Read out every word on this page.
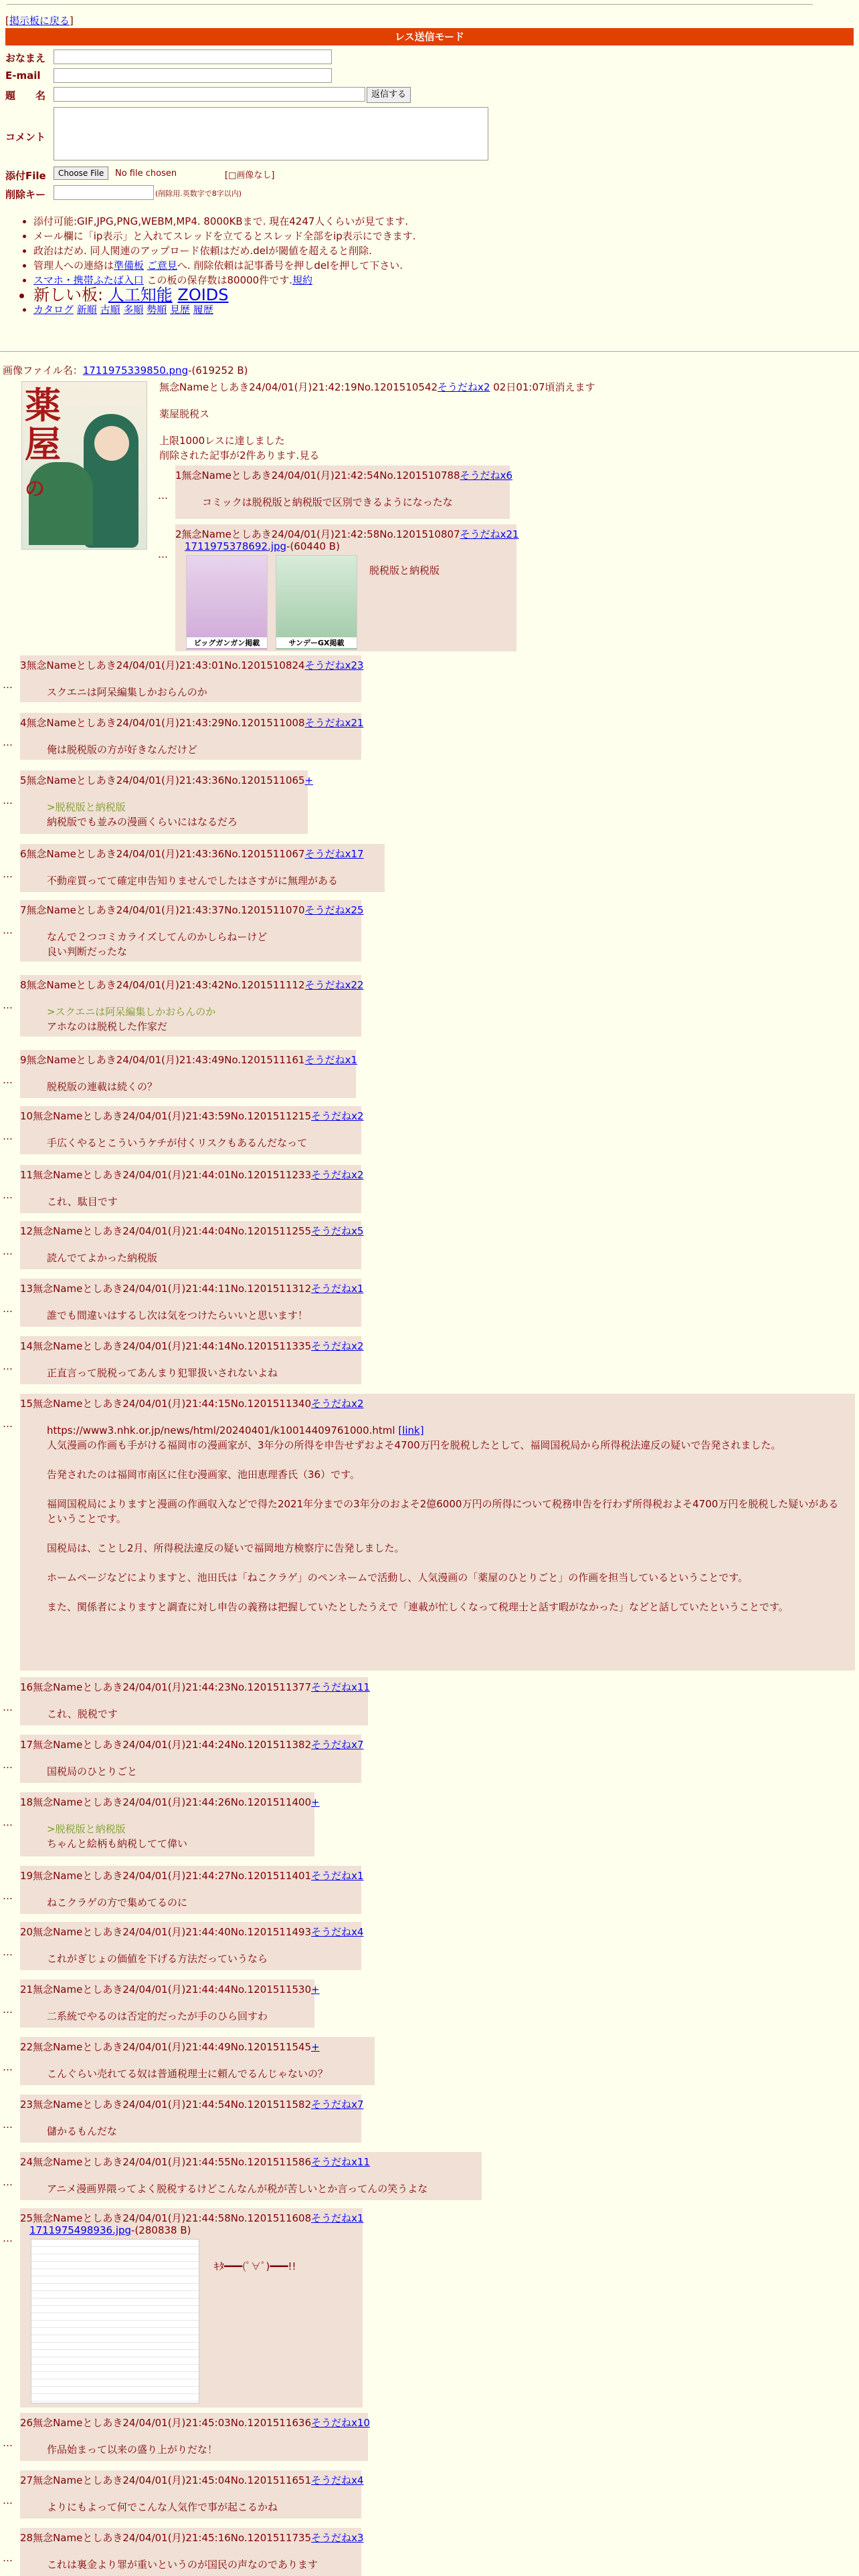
[掲示板に戻る]
レス送信モード
おなまえ
E-mail
題　　名	返信する
コメント
添付File	Choose File	No file chosen	[□画像なし]
削除キー	(削除用.英数字で8字以内)
• 添付可能:GIF,JPG,PNG,WEBM,MP4. 8000KBまで. 現在4247人くらいが見てます.
• メール欄に「ip表示」と入れてスレッドを立てるとスレッド全部をip表示にできます.
• 政治はだめ. 同人関連のアップロード依頼はだめ.delが閾値を超えると削除.
• 管理人への連絡は準備板 ご意見へ. 削除依頼は記事番号を押しdelを押して下さい.
• スマホ・携帯ふたば入口 この板の保存数は80000件です.規約
• 新しい板: 人工知能 ZOIDS
• カタログ 新順 古順 多順 勢順 見歴 履歴
画像ファイル名：1711975339850.png-(619252 B)
薬
屋
の
無念Nameとしあき24/04/01(月)21:42:19No.1201510542そうだねx2 02日01:07頃消えます
薬屋脱税ス
上限1000レスに達しました
削除された記事が2件あります.見る
…
1無念Nameとしあき24/04/01(月)21:42:54No.1201510788そうだねx6
コミックは脱税版と納税版で区別できるようになったな
…
2無念Nameとしあき24/04/01(月)21:42:58No.1201510807そうだねx21
1711975378692.jpg-(60440 B)
ビッグガンガン掲載	サンデーGX掲載
脱税版と納税版
…
3無念Nameとしあき24/04/01(月)21:43:01No.1201510824そうだねx23
スクエニは阿呆編集しかおらんのか
…
4無念Nameとしあき24/04/01(月)21:43:29No.1201511008そうだねx21
俺は脱税版の方が好きなんだけど
…
5無念Nameとしあき24/04/01(月)21:43:36No.1201511065+
>脱税版と納税版
納税版でも並みの漫画くらいにはなるだろ
…
6無念Nameとしあき24/04/01(月)21:43:36No.1201511067そうだねx17
不動産買ってて確定申告知りませんでしたはさすがに無理がある
…
7無念Nameとしあき24/04/01(月)21:43:37No.1201511070そうだねx25
なんで２つコミカライズしてんのかしらねーけど
良い判断だったな
…
8無念Nameとしあき24/04/01(月)21:43:42No.1201511112そうだねx22
>スクエニは阿呆編集しかおらんのか
アホなのは脱税した作家だ
…
9無念Nameとしあき24/04/01(月)21:43:49No.1201511161そうだねx1
脱税版の連載は続くの？
…
10無念Nameとしあき24/04/01(月)21:43:59No.1201511215そうだねx2
手広くやるとこういうケチが付くリスクもあるんだなって
…
11無念Nameとしあき24/04/01(月)21:44:01No.1201511233そうだねx2
これ、駄目です
…
12無念Nameとしあき24/04/01(月)21:44:04No.1201511255そうだねx5
読んでてよかった納税版
…
13無念Nameとしあき24/04/01(月)21:44:11No.1201511312そうだねx1
誰でも間違いはするし次は気をつけたらいいと思います！
…
14無念Nameとしあき24/04/01(月)21:44:14No.1201511335そうだねx2
正直言って脱税ってあんまり犯罪扱いされないよね
…
15無念Nameとしあき24/04/01(月)21:44:15No.1201511340そうだねx2
https://www3.nhk.or.jp/news/html/20240401/k10014409761000.html [link]
人気漫画の作画も手がける福岡市の漫画家が、3年分の所得を申告せずおよそ4700万円を脱税したとして、福岡国税局から所得税法違反の疑いで告発されました。

告発されたのは福岡市南区に住む漫画家、池田恵理香氏（36）です。

福岡国税局によりますと漫画の作画収入などで得た2021年分までの3年分のおよそ2億6000万円の所得について税務申告を行わず所得税およそ4700万円を脱税した疑いがあるということです。

国税局は、ことし2月、所得税法違反の疑いで福岡地方検察庁に告発しました。

ホームページなどによりますと、池田氏は「ねこクラゲ」のペンネームで活動し、人気漫画の「薬屋のひとりごと」の作画を担当しているということです。

また、関係者によりますと調査に対し申告の義務は把握していたとしたうえで「連載が忙しくなって税理士と話す暇がなかった」などと話していたということです。
…
16無念Nameとしあき24/04/01(月)21:44:23No.1201511377そうだねx11
これ、脱税です
…
17無念Nameとしあき24/04/01(月)21:44:24No.1201511382そうだねx7
国税局のひとりごと
…
18無念Nameとしあき24/04/01(月)21:44:26No.1201511400+
>脱税版と納税版
ちゃんと絵柄も納税してて偉い
…
19無念Nameとしあき24/04/01(月)21:44:27No.1201511401そうだねx1
ねこクラゲの方で集めてるのに
…
20無念Nameとしあき24/04/01(月)21:44:40No.1201511493そうだねx4
これがぎじょの価値を下げる方法だっていうなら
…
21無念Nameとしあき24/04/01(月)21:44:44No.1201511530+
二系統でやるのは否定的だったが手のひら回すわ
…
22無念Nameとしあき24/04/01(月)21:44:49No.1201511545+
こんぐらい売れてる奴は普通税理士に頼んでるんじゃないの？
…
23無念Nameとしあき24/04/01(月)21:44:54No.1201511582そうだねx7
儲かるもんだな
…
24無念Nameとしあき24/04/01(月)21:44:55No.1201511586そうだねx11
アニメ漫画界隈ってよく脱税するけどこんなんが税が苦しいとか言ってんの笑うよな
…
25無念Nameとしあき24/04/01(月)21:44:58No.1201511608そうだねx1
1711975498936.jpg-(280838 B)
ｷﾀ━━━(ﾟ∀ﾟ)━━━!!
…
26無念Nameとしあき24/04/01(月)21:45:03No.1201511636そうだねx10
作品始まって以来の盛り上がりだな！
…
27無念Nameとしあき24/04/01(月)21:45:04No.1201511651そうだねx4
よりにもよって何でこんな人気作で事が起こるかね
…
28無念Nameとしあき24/04/01(月)21:45:16No.1201511735そうだねx3
これは裏金より罪が重いというのが国民の声なのであります
